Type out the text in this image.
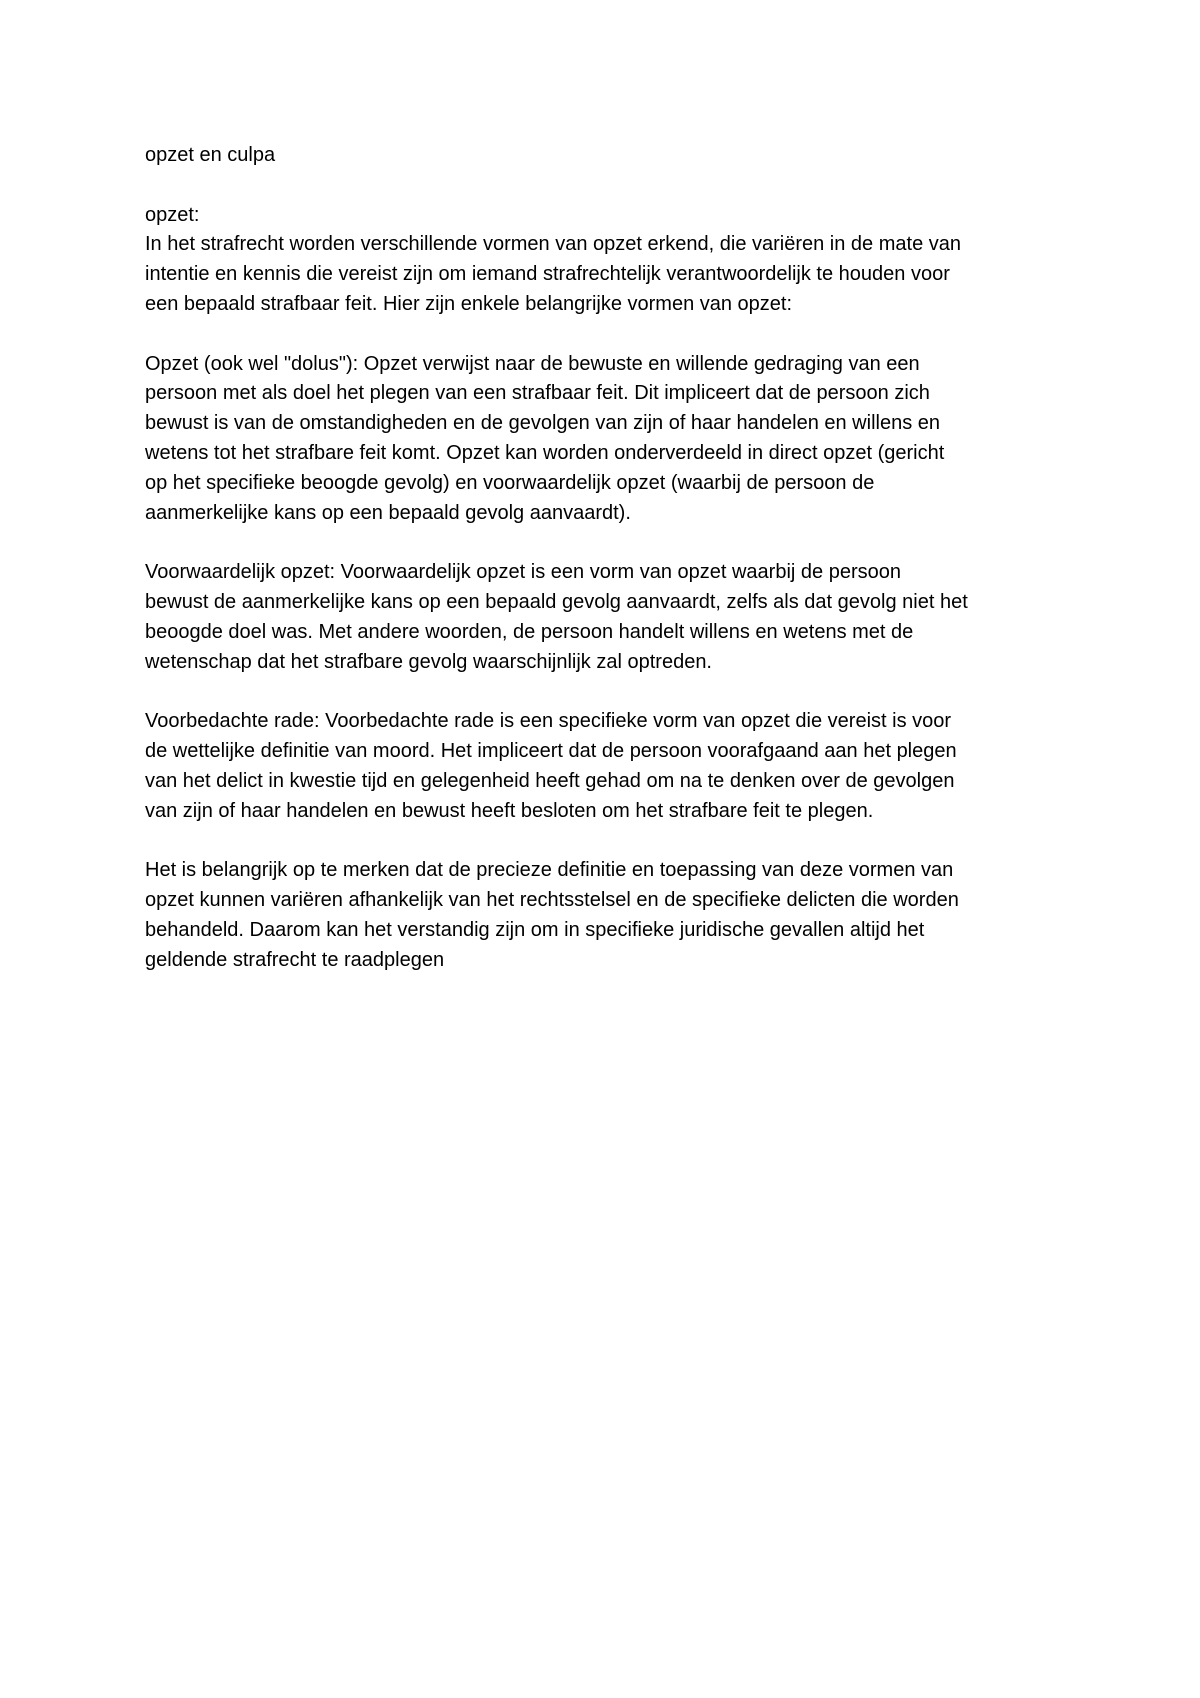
opzet en culpa
opzet:
In het strafrecht worden verschillende vormen van opzet erkend, die variëren in de mate van
intentie en kennis die vereist zijn om iemand strafrechtelijk verantwoordelijk te houden voor
een bepaald strafbaar feit. Hier zijn enkele belangrijke vormen van opzet:
Opzet (ook wel "dolus"): Opzet verwijst naar de bewuste en willende gedraging van een
persoon met als doel het plegen van een strafbaar feit. Dit impliceert dat de persoon zich
bewust is van de omstandigheden en de gevolgen van zijn of haar handelen en willens en
wetens tot het strafbare feit komt. Opzet kan worden onderverdeeld in direct opzet (gericht
op het specifieke beoogde gevolg) en voorwaardelijk opzet (waarbij de persoon de
aanmerkelijke kans op een bepaald gevolg aanvaardt).
Voorwaardelijk opzet: Voorwaardelijk opzet is een vorm van opzet waarbij de persoon
bewust de aanmerkelijke kans op een bepaald gevolg aanvaardt, zelfs als dat gevolg niet het
beoogde doel was. Met andere woorden, de persoon handelt willens en wetens met de
wetenschap dat het strafbare gevolg waarschijnlijk zal optreden.
Voorbedachte rade: Voorbedachte rade is een specifieke vorm van opzet die vereist is voor
de wettelijke definitie van moord. Het impliceert dat de persoon voorafgaand aan het plegen
van het delict in kwestie tijd en gelegenheid heeft gehad om na te denken over de gevolgen
van zijn of haar handelen en bewust heeft besloten om het strafbare feit te plegen.
Het is belangrijk op te merken dat de precieze definitie en toepassing van deze vormen van
opzet kunnen variëren afhankelijk van het rechtsstelsel en de specifieke delicten die worden
behandeld. Daarom kan het verstandig zijn om in specifieke juridische gevallen altijd het
geldende strafrecht te raadplegen
